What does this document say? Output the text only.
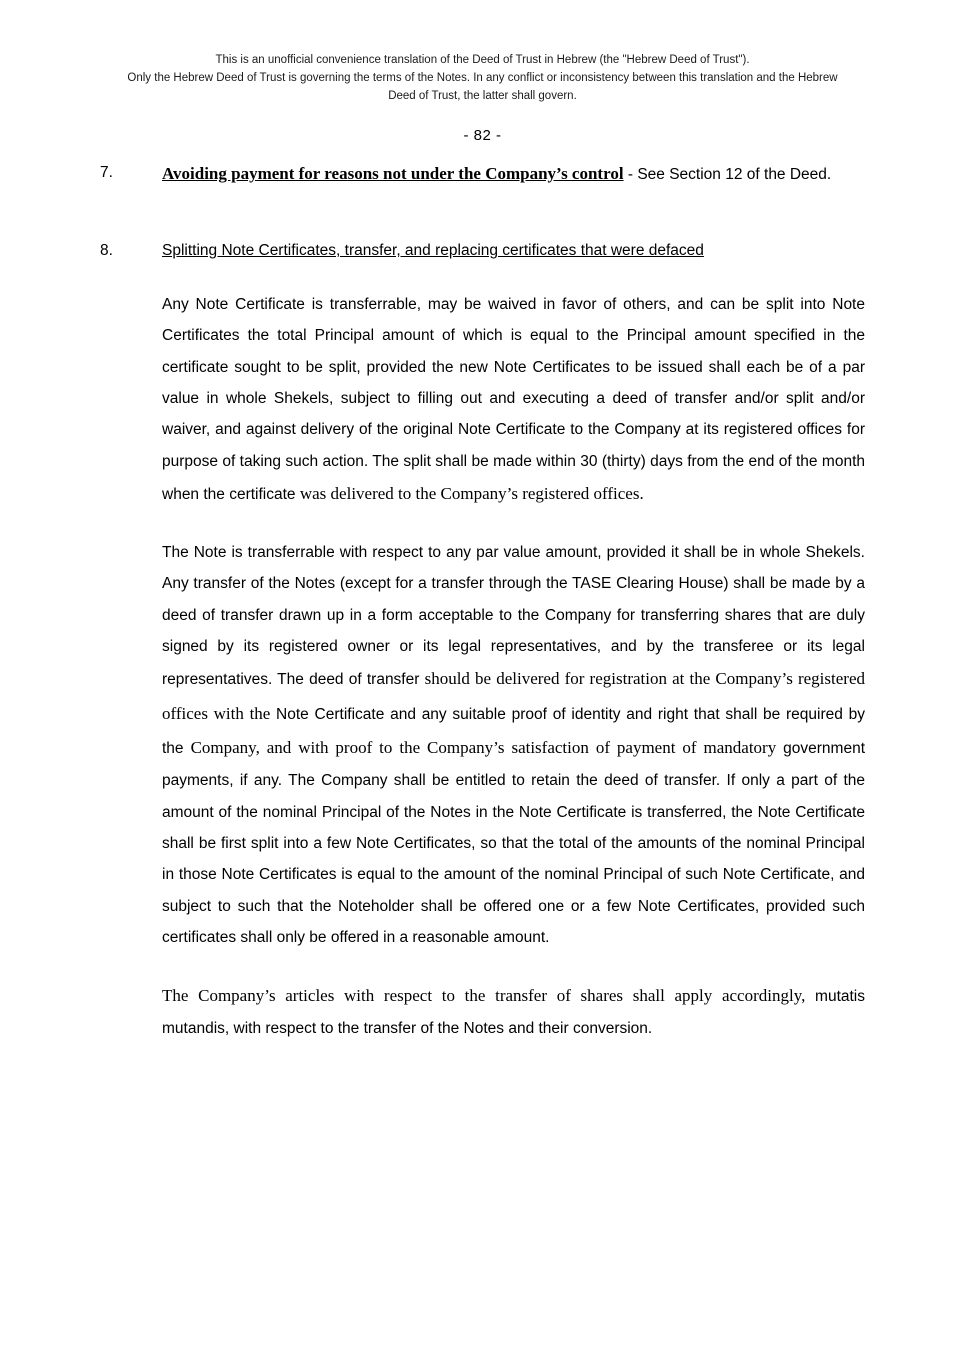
This is an unofficial convenience translation of the Deed of Trust in Hebrew (the "Hebrew Deed of Trust").
Only the Hebrew Deed of Trust is governing the terms of the Notes. In any conflict or inconsistency between this translation and the Hebrew
Deed of Trust, the latter shall govern.
- 82 -
7.	Avoiding payment for reasons not under the Company’s control - See Section 12 of the Deed.
8.	Splitting Note Certificates, transfer, and replacing certificates that were defaced

Any Note Certificate is transferrable, may be waived in favor of others, and can be split into Note Certificates the total Principal amount of which is equal to the Principal amount specified in the certificate sought to be split, provided the new Note Certificates to be issued shall each be of a par value in whole Shekels, subject to filling out and executing a deed of transfer and/or split and/or waiver, and against delivery of the original Note Certificate to the Company at its registered offices for purpose of taking such action. The split shall be made within 30 (thirty) days from the end of the month when the certificate was delivered to the Company’s registered offices.

The Note is transferrable with respect to any par value amount, provided it shall be in whole Shekels. Any transfer of the Notes (except for a transfer through the TASE Clearing House) shall be made by a deed of transfer drawn up in a form acceptable to the Company for transferring shares that are duly signed by its registered owner or its legal representatives, and by the transferee or its legal representatives. The deed of transfer should be delivered for registration at the Company’s registered offices with the Note Certificate and any suitable proof of identity and right that shall be required by the Company, and with proof to the Company’s satisfaction of payment of mandatory government payments, if any. The Company shall be entitled to retain the deed of transfer. If only a part of the amount of the nominal Principal of the Notes in the Note Certificate is transferred, the Note Certificate shall be first split into a few Note Certificates, so that the total of the amounts of the nominal Principal in those Note Certificates is equal to the amount of the nominal Principal of such Note Certificate, and subject to such that the Noteholder shall be offered one or a few Note Certificates, provided such certificates shall only be offered in a reasonable amount.

The Company’s articles with respect to the transfer of shares shall apply accordingly, mutatis mutandis, with respect to the transfer of the Notes and their conversion.
